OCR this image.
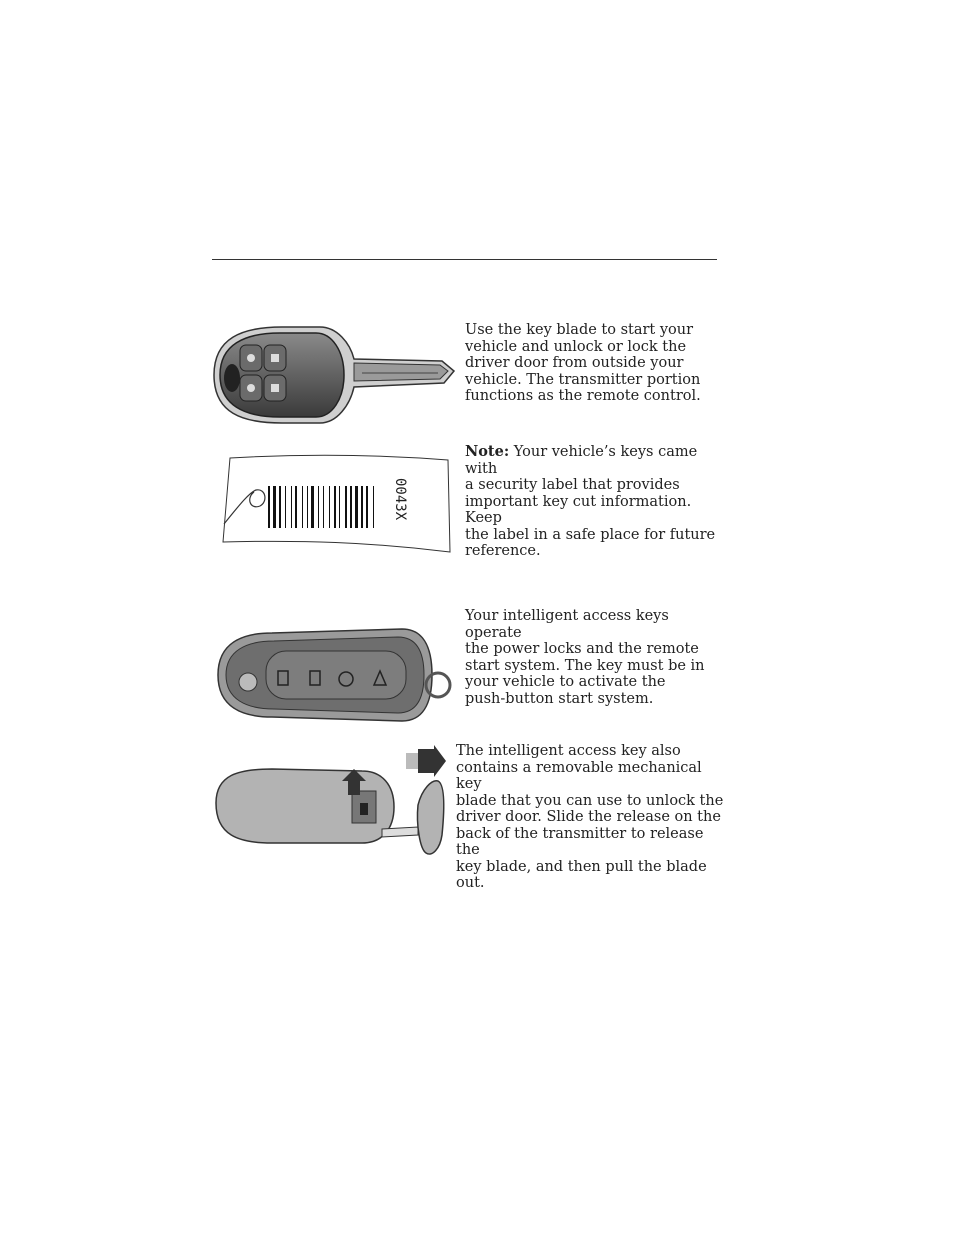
Use the key blade to start your
vehicle and unlock or lock the
driver door from outside your
vehicle. The transmitter portion
functions as the remote control.
0043X
Note: Your vehicle’s keys came with
a security label that provides
important key cut information. Keep
the label in a safe place for future
reference.
Your intelligent access keys operate
the power locks and the remote
start system. The key must be in
your vehicle to activate the
push-button start system.
The intelligent access key also
contains a removable mechanical key
blade that you can use to unlock the
driver door. Slide the release on the
back of the transmitter to release the
key blade, and then pull the blade
out.
